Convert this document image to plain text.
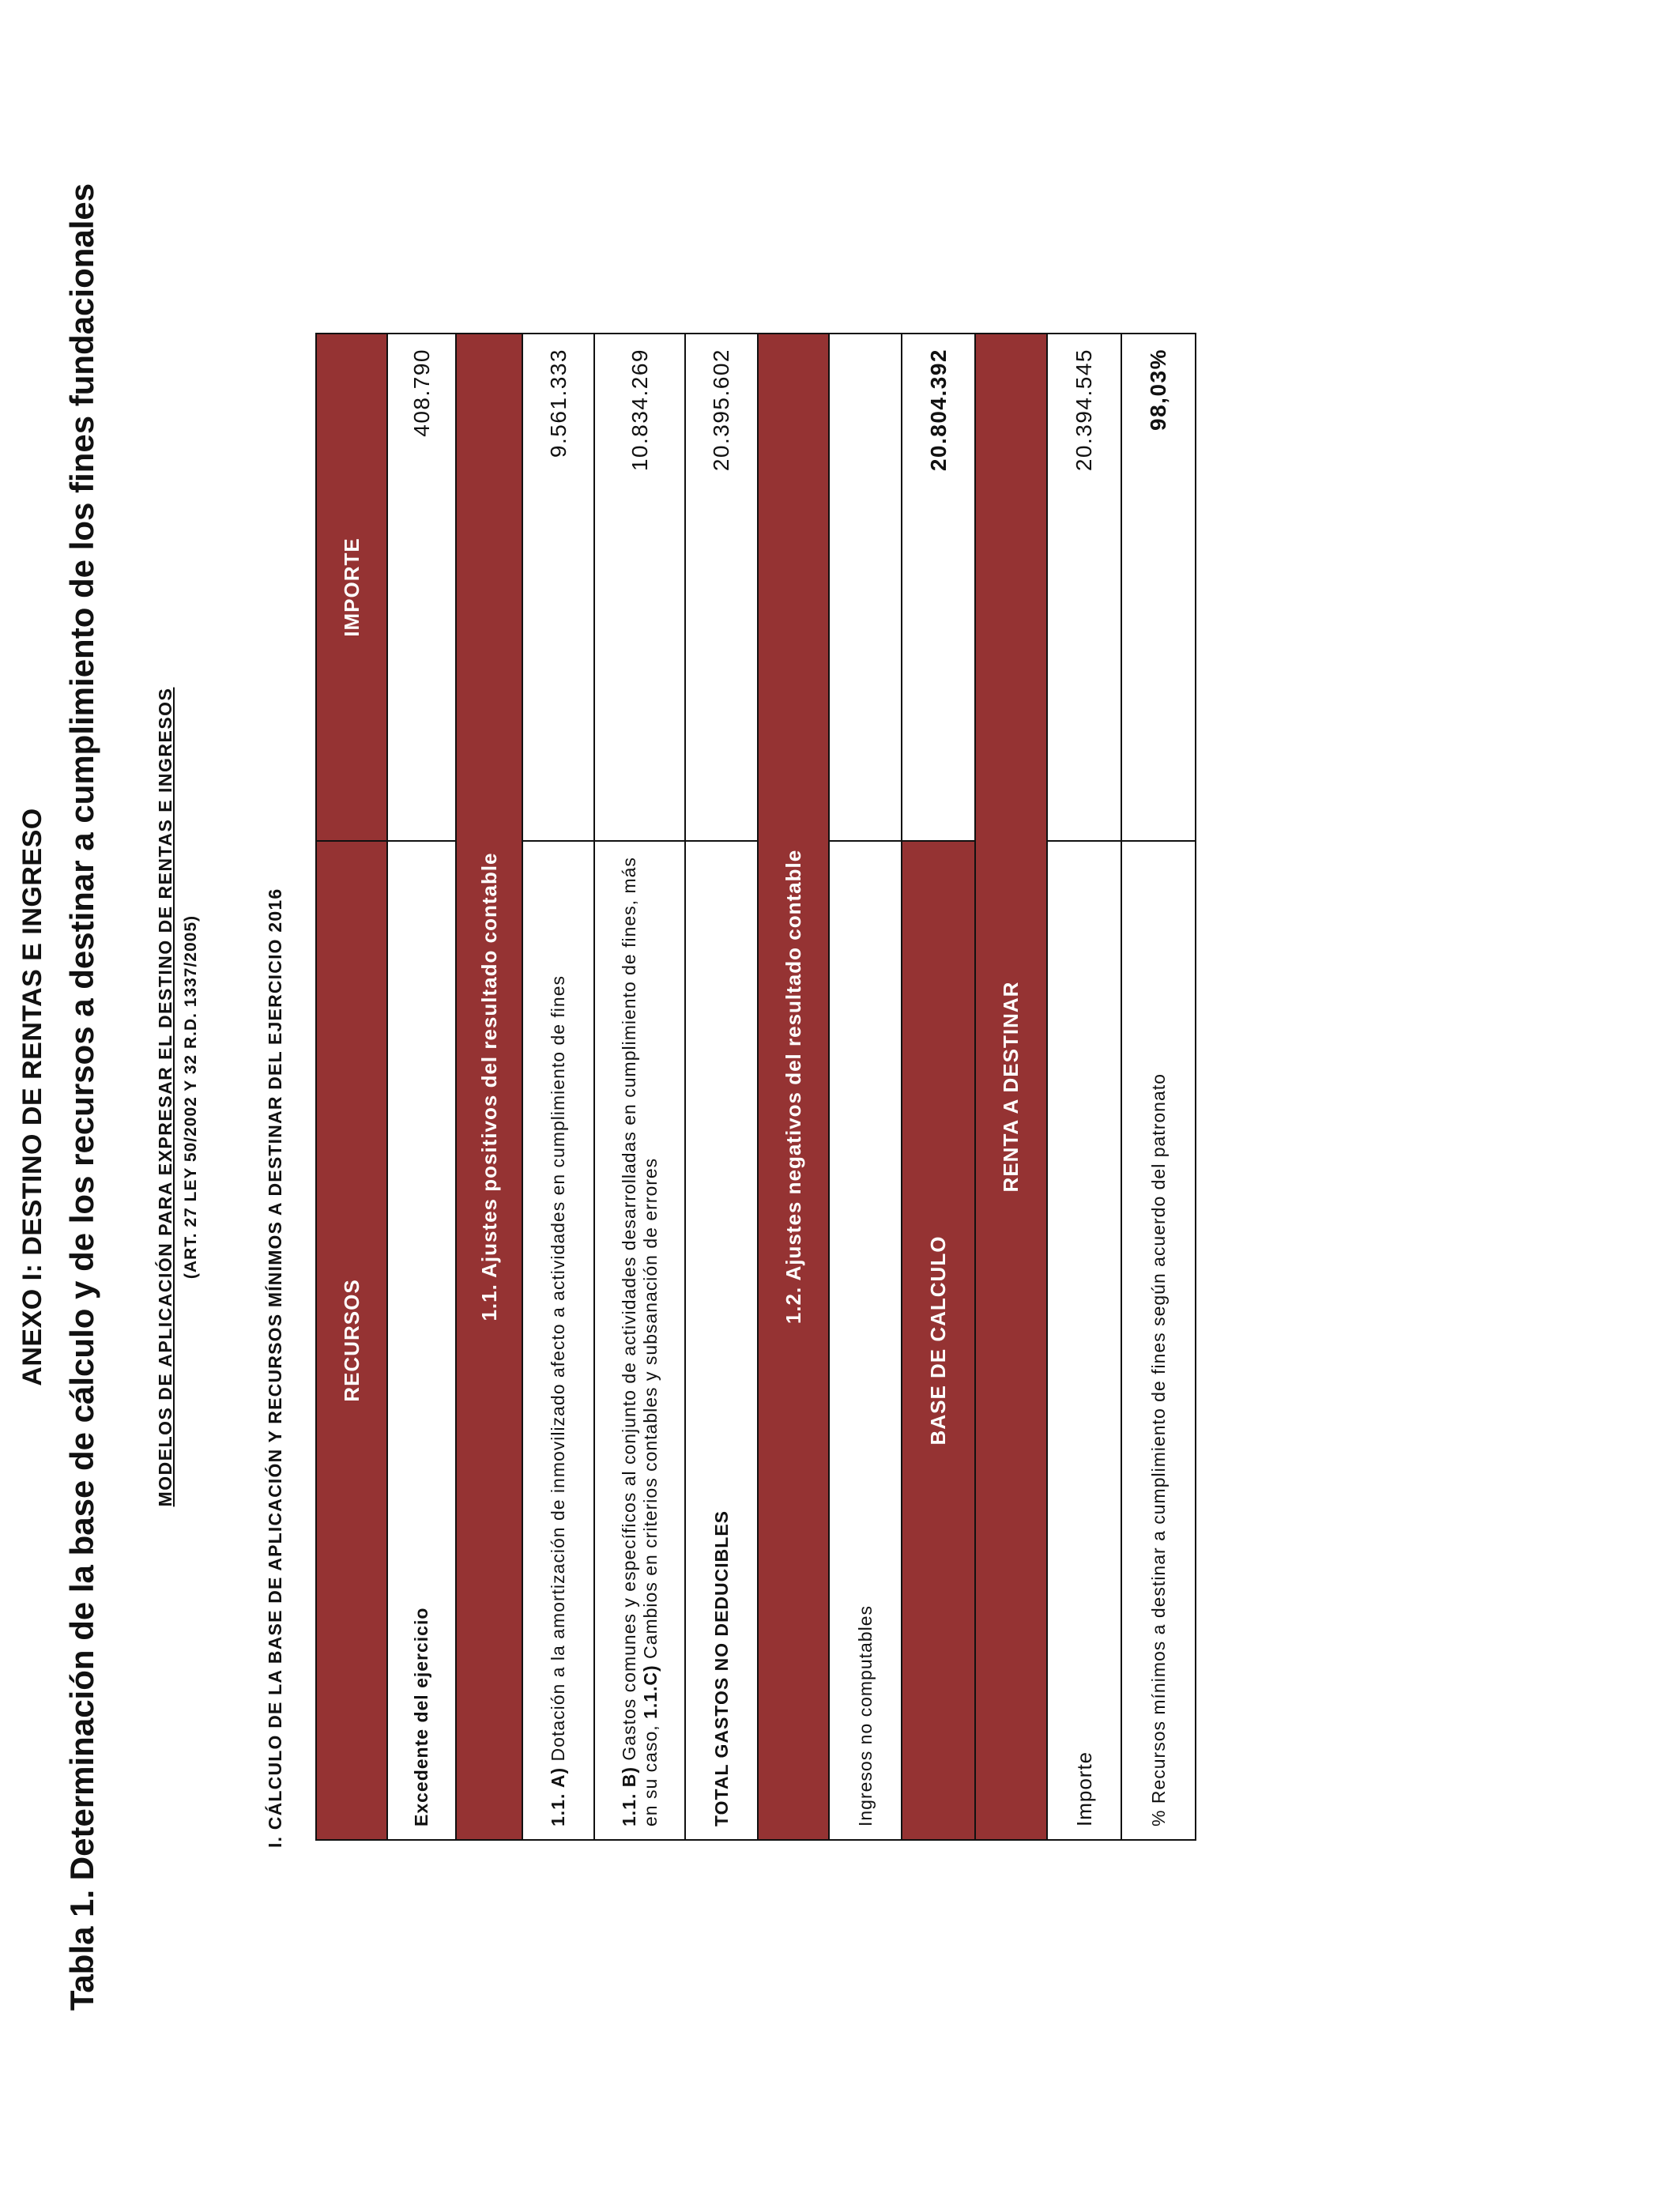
ANEXO I: DESTINO DE RENTAS E INGRESO Tabla 1. Determinación de la base de cálculo y de los recursos a destinar a cumplimiento de los fines fundacionales	MODELOS DE APLICACIÓN PARA EXPRESAR EL DESTINO DE RENTAS E INGRESOS (ART. 27 LEY 50/2002 Y 32 R.D. 1337/2005)	I. CÁLCULO DE LA BASE DE APLICACIÓN Y RECURSOS MÍNIMOS A DESTINAR DEL EJERCICIO 2016	RECURSOS	IMPORTE
Excedente del ejercicio	408.790
1.1. Ajustes positivos del resultado contable	
1.1. A) Dotación a la amortización de inmovilizado afecto a actividades en cumplimiento de fines	9.561.333
1.1. B) Gastos comunes y específicos al conjunto de actividades desarrolladas en cumplimiento de fines, más en su caso, 1.1.C) Cambios en criterios contables y subsanación de errores	10.834.269
TOTAL GASTOS NO DEDUCIBLES	20.395.602
1.2. Ajustes negativos del resultado contable	
Ingresos no computables	
BASE DE CALCULO	20.804.392
RENTA A DESTINAR	
Importe	20.394.545
% Recursos mínimos a destinar a cumplimiento de fines según acuerdo del patronato	98,03%
